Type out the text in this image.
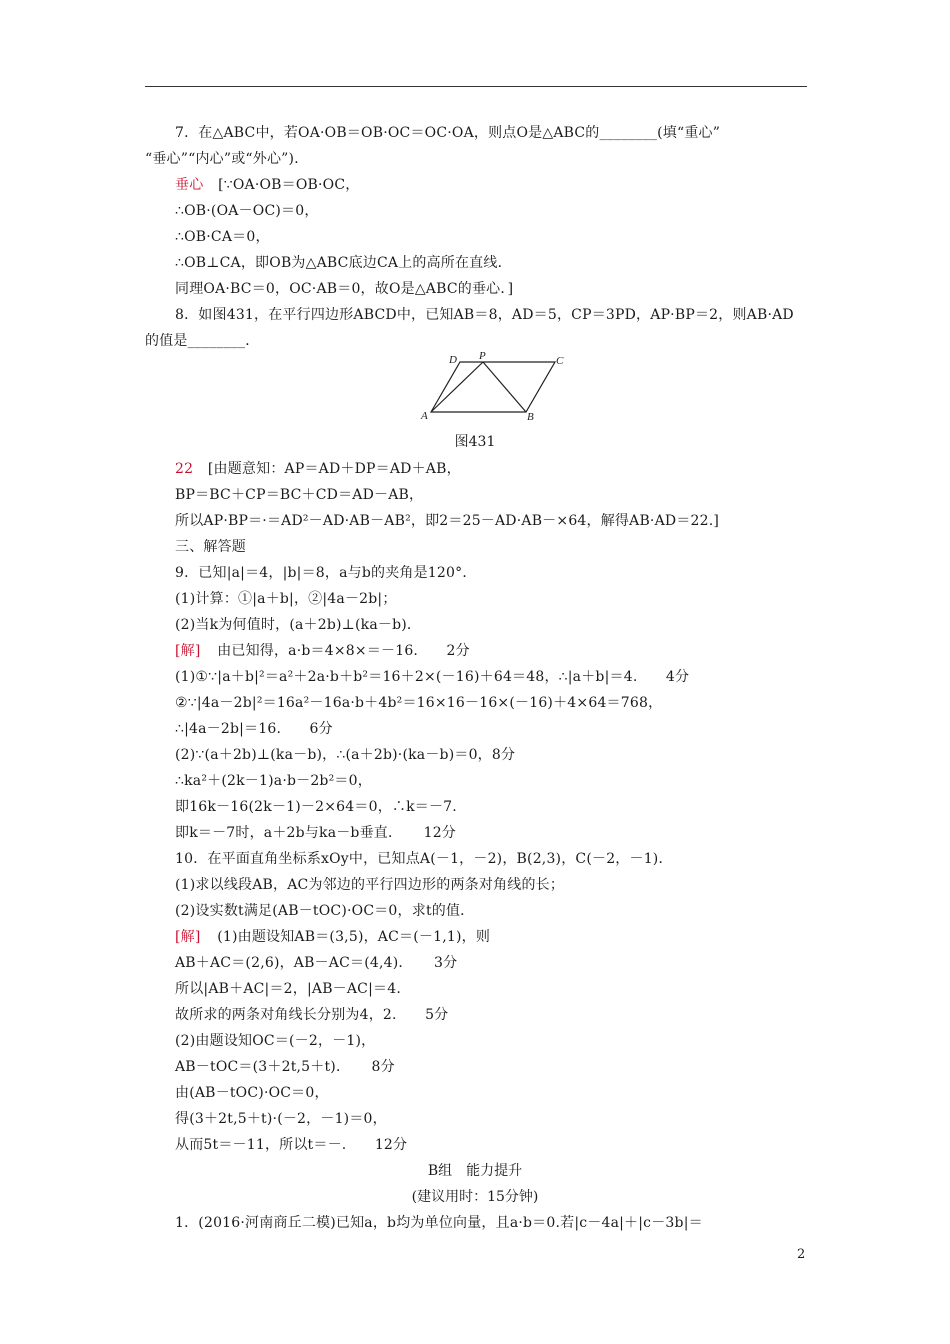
7．在△ABC中，若OA·OB＝OB·OC＝OC·OA，则点O是△ABC的________(填“重心”
“垂心”“内心”或“外心”)．
垂心 [∵OA·OB＝OB·OC，
∴OB·(OA－OC)＝0，
∴OB·CA＝0，
∴OB⊥CA，即OB为△ABC底边CA上的高所在直线．
同理OA·BC＝0，OC·AB＝0，故O是△ABC的垂心．]
8．如图431，在平行四边形ABCD中，已知AB＝8，AD＝5，CP＝3PD，AP·BP＝2，则AB·AD
的值是________．
D P	C
A	B
图431
22 [由题意知：AP＝AD＋DP＝AD＋AB，
BP＝BC＋CP＝BC＋CD＝AD－AB，
所以AP·BP＝·＝AD²－AD·AB－AB²，即2＝25－AD·AB－×64，解得AB·AD＝22.]
三、解答题
9．已知|a|＝4，|b|＝8，a与b的夹角是120°．
(1)计算：①|a＋b|，②|4a－2b|；
(2)当k为何值时，(a＋2b)⊥(ka－b)．
[解] 由已知得，a·b＝4×8×＝－16.　　2分
(1)①∵|a＋b|²＝a²＋2a·b＋b²＝16＋2×(－16)＋64＝48，∴|a＋b|＝4.　　4分
②∵|4a－2b|²＝16a²－16a·b＋4b²＝16×16－16×(－16)＋4×64＝768，
∴|4a－2b|＝16.　　6分
(2)∵(a＋2b)⊥(ka－b)，∴(a＋2b)·(ka－b)＝0，8分
∴ka²＋(2k－1)a·b－2b²＝0，
即16k－16(2k－1)－2×64＝0，∴k＝－7.
即k＝－7时，a＋2b与ka－b垂直．　　12分
10．在平面直角坐标系xOy中，已知点A(－1，－2)，B(2,3)，C(－2，－1)．
(1)求以线段AB，AC为邻边的平行四边形的两条对角线的长；
(2)设实数t满足(AB－tOC)·OC＝0，求t的值．
[解] (1)由题设知AB＝(3,5)，AC＝(－1,1)，则
AB＋AC＝(2,6)，AB－AC＝(4,4)．　　3分
所以|AB＋AC|＝2，|AB－AC|＝4.
故所求的两条对角线长分别为4，2.　　5分
(2)由题设知OC＝(－2，－1)，
AB－tOC＝(3＋2t,5＋t)．　　8分
由(AB－tOC)·OC＝0，
得(3＋2t,5＋t)·(－2，－1)＝0，
从而5t＝－11，所以t＝－.　　12分
B组　能力提升
(建议用时：15分钟)
1．(2016·河南商丘二模)已知a，b均为单位向量，且a·b＝0.若|c－4a|＋|c－3b|＝
2
